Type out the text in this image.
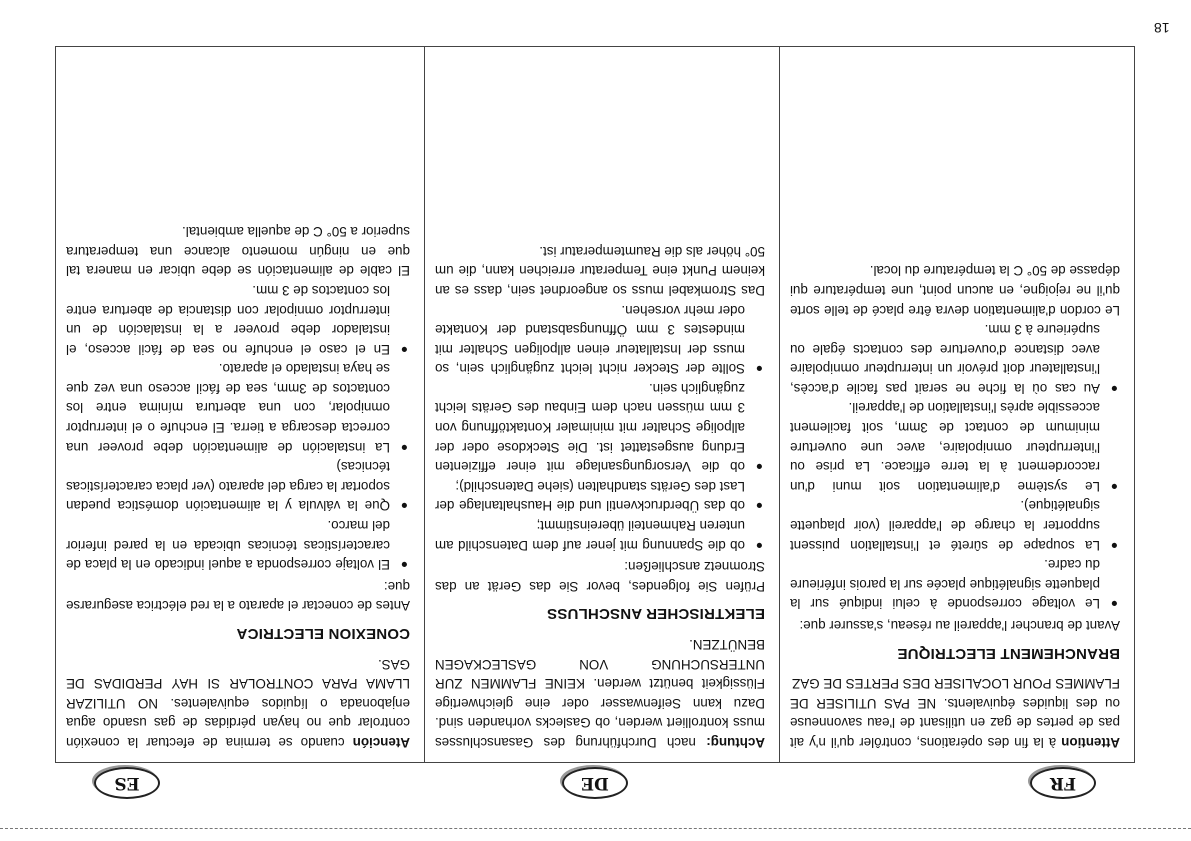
FR
DE
ES

Attention à la fin des opérations, contrôler qu'il n'y ait pas de pertes de gaz en utilisant de l'eau savonneuse ou des liquides équivalents. NE PAS UTILISER DE FLAMMES POUR LOCALISER DES PERTES DE GAZ

BRANCHEMENT ELECTRIQUE

Avant de brancher l'appareil au réseau, s'assurer que:

●
Le voltage corresponde à celui indiqué sur la plaquette signalétique placée sur la parois inférieure du cadre.
●
La soupape de sûreté et l'installation puissent supporter la charge de l'appareil (voir plaquette signalétique).
●
Le système d'alimentation soit muni d'un raccordement à la terre efficace. La prise ou l'interrupteur omnipolaire, avec une ouverture minimum de contact de 3mm, soit facilement accessible après l'installation de l'appareil.
●
Au cas où la fiche ne serait pas facile d'accès, l'installateur doit prévoir un interrupteur omnipolaire avec distance d'ouverture des contacts égale ou supérieure à 3 mm.

Le cordon d'alimentation devra être placé de telle sorte qu'il ne rejoigne, en aucun point, une température qui dépasse de 50° C la température du local.

Achtung: nach Durchführung des Gasanschlusses muss kontrolliert werden, ob Gaslecks vorhanden sind. Dazu kann Seifenwasser oder eine gleichwertige Flüssigkeit benützt werden. KEINE FLAMMEN ZUR UNTERSUCHUNG VON GASLECKAGEN BENÜTZEN.

ELEKTRISCHER ANSCHLUSS

Prüfen Sie folgendes, bevor Sie das Gerät an das Stromnetz anschließen:

●
ob die Spannung mit jener auf dem Datenschild am unteren Rahmenteil übereinstimmt;
●
ob das Überdruckventil und die Haushaltanlage der Last des Geräts standhalten (siehe Datenschild);
●
ob die Versorgungsanlage mit einer effizienten Erdung ausgestattet ist. Die Steckdose oder der allpolige Schalter mit minimaler Kontaktöffnung von 3 mm müssen nach dem Einbau des Geräts leicht zugänglich sein.
●
Sollte der Stecker nicht leicht zugänglich sein, so muss der Installateur einen allpoligen Schalter mit mindestes 3 mm Öffnungsabstand der Kontakte oder mehr vorsehen.

Das Stromkabel muss so angeordnet sein, dass es an keinem Punkt eine Temperatur erreichen kann, die um 50° höher als die Raumtemperatur ist.

Atención cuando se termina de efectuar la conexión controlar que no hayan pérdidas de gas usando agua enjabonada o líquidos equivalentes. NO UTILIZAR LLAMA PARA CONTROLAR SI HAY PERDIDAS DE GAS.

CONEXION ELECTRICA

Antes de conectar el aparato a la red eléctrica asegurarse que:

●
El voltaje corresponda a aquel indicado en la placa de características técnicas ubicada en la pared inferior del marco.
●
Que la válvula y la alimentación doméstica puedan soportar la carga del aparato (ver placa características técnicas)
●
La instalación de alimentación debe proveer una correcta descarga a tierra. El enchufe o el interruptor omnipolar, con una abertura mínima entre los contactos de 3mm, sea de fácil acceso una vez que se haya instalado el aparato.
●
En el caso el enchufe no sea de fácil acceso, el instalador debe proveer a la instalación de un interruptor omnipolar con distancia de abertura entre los contactos de 3 mm.

El cable de alimentación se debe ubicar en manera tal que en ningún momento alcance una temperatura superior a 50° C de aquella ambiental.

18
